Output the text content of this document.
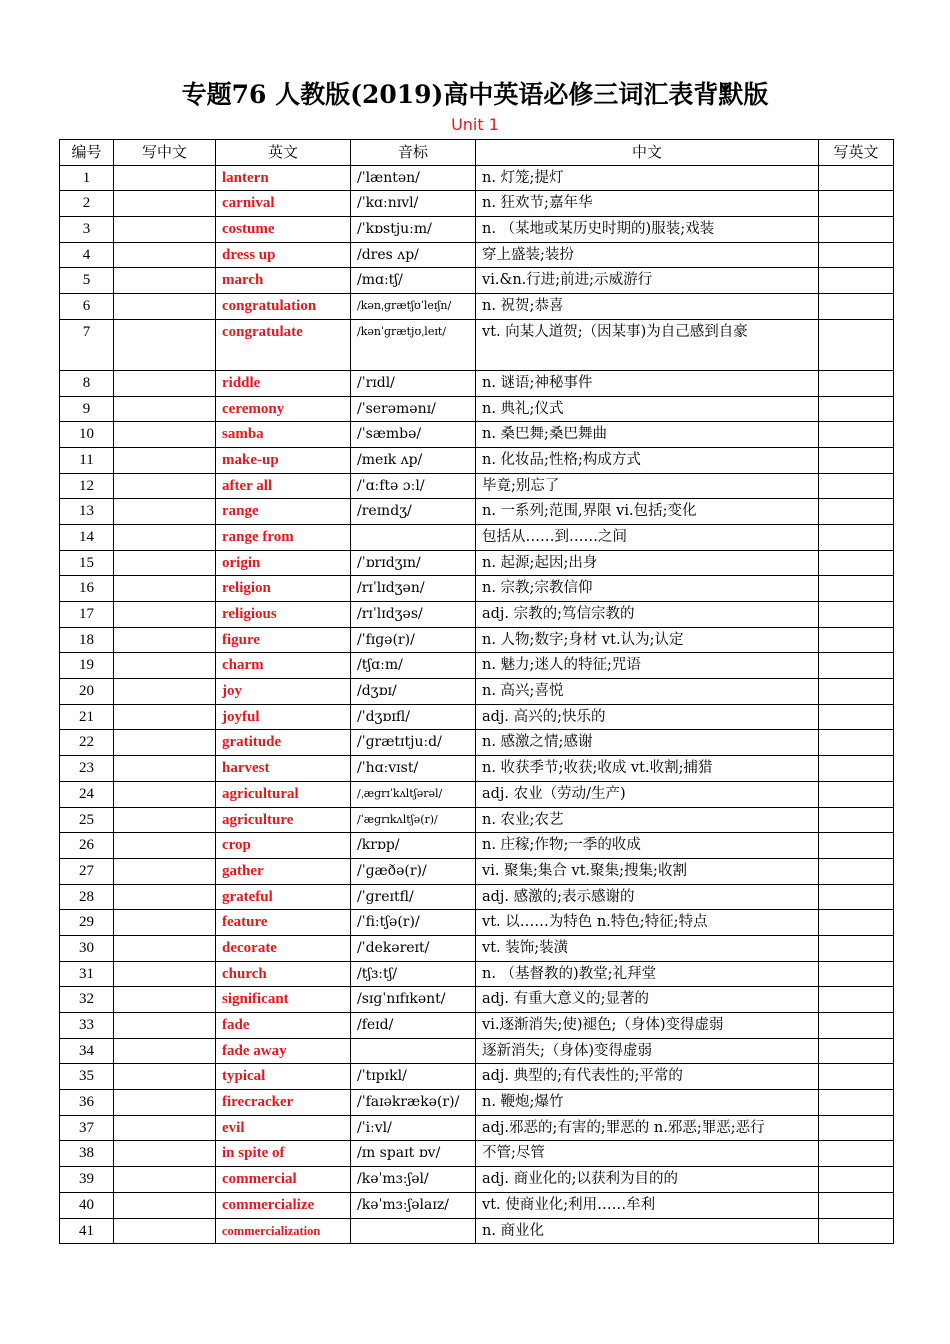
专题76 人教版(2019)高中英语必修三词汇表背默版
Unit 1
编号	写中文	英文	音标	中文	写英文
1		lantern	/ˈlæntən/	n. 灯笼;提灯	
2		carnival	/ˈkɑːnɪvl/	n. 狂欢节;嘉年华	
3		costume	/ˈkɒstjuːm/	n. （某地或某历史时期的)服装;戏装	
4		dress up	/dres ʌp/	穿上盛装;装扮	
5		march	/mɑːtʃ/	vi.&n.行进;前进;示威游行	
6		congratulation	/kənˌɡrætʃʊˈleɪʃn/	n. 祝贺;恭喜	
7		congratulate	/kənˈɡrætjʊˌleɪt/	vt. 向某人道贺;（因某事)为自己感到自豪	
8		riddle	/ˈrɪdl/	n. 谜语;神秘事件	
9		ceremony	/ˈserəmənɪ/	n. 典礼;仪式	
10		samba	/ˈsæmbə/	n. 桑巴舞;桑巴舞曲	
11		make-up	/meɪk ʌp/	n. 化妆品;性格;构成方式	
12		after all	/ˈɑːftə ɔːl/	毕竟;别忘了	
13		range	/reɪndʒ/	n. 一系列;范围,界限 vi.包括;变化	
14		range from		包括从……到……之间	
15		origin	/ˈɒrɪdʒɪn/	n. 起源;起因;出身	
16		religion	/rɪˈlɪdʒən/	n. 宗教;宗教信仰	
17		religious	/rɪˈlɪdʒəs/	adj. 宗教的;笃信宗教的	
18		figure	/ˈfɪɡə(r)/	n. 人物;数字;身材 vt.认为;认定	
19		charm	/tʃɑːm/	n. 魅力;迷人的特征;咒语	
20		joy	/dʒɒɪ/	n. 高兴;喜悦	
21		joyful	/ˈdʒɒɪfl/	adj. 高兴的;快乐的	
22		gratitude	/ˈɡrætɪtjuːd/	n. 感激之情;感谢	
23		harvest	/ˈhɑːvɪst/	n. 收获季节;收获;收成 vt.收割;捕猎	
24		agricultural	/ˌæɡrɪˈkʌltʃərəl/	adj. 农业（劳动/生产)	
25		agriculture	/ˈæɡrɪkʌltʃə(r)/	n. 农业;农艺	
26		crop	/krɒp/	n. 庄稼;作物;一季的收成	
27		gather	/ˈɡæðə(r)/	vi. 聚集;集合 vt.聚集;搜集;收割	
28		grateful	/ˈɡreɪtfl/	adj. 感激的;表示感谢的	
29		feature	/ˈfiːtʃə(r)/	vt. 以……为特色 n.特色;特征;特点	
30		decorate	/ˈdekəreɪt/	vt. 装饰;装潢	
31		church	/tʃɜːtʃ/	n. （基督教的)教堂;礼拜堂	
32		significant	/sɪɡˈnɪfɪkənt/	adj. 有重大意义的;显著的	
33		fade	/feɪd/	vi.逐渐消失;使)褪色;（身体)变得虚弱	
34		fade away		逐新消失;（身体)变得虚弱	
35		typical	/ˈtɪpɪkl/	adj. 典型的;有代表性的;平常的	
36		firecracker	/ˈfaɪəkrækə(r)/	n. 鞭炮;爆竹	
37		evil	/ˈiːvl/	adj.邪恶的;有害的;罪恶的 n.邪恶;罪恶;恶行	
38		in spite of	/ɪn spaɪt ɒv/	不管;尽管	
39		commercial	/kəˈmɜːʃəl/	adj. 商业化的;以获利为目的的	
40		commercialize	/kəˈmɜːʃəlaɪz/	vt. 使商业化;利用……牟利	
41		commercialization		n. 商业化	
